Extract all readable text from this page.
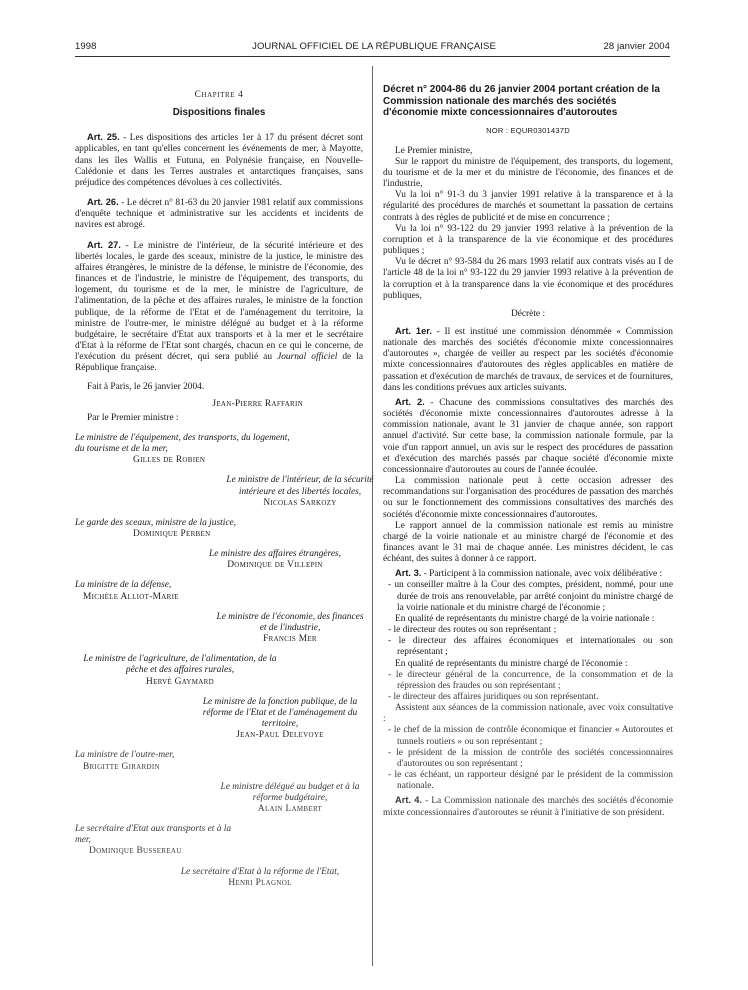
1998	JOURNAL OFFICIEL DE LA RÉPUBLIQUE FRANÇAISE	28 janvier 2004

Chapitre 4

Dispositions finales

Art. 25. - Les dispositions des articles 1er à 17 du présent décret sont applicables, en tant qu'elles concernent les événements de mer, à Mayotte, dans les îles Wallis et Futuna, en Polynésie française, en Nouvelle-Calédonie et dans les Terres australes et antarctiques françaises, sans préjudice des compétences dévolues à ces collectivités.

Art. 26. - Le décret n° 81-63 du 20 janvier 1981 relatif aux commissions d'enquête technique et administrative sur les accidents et incidents de navires est abrogé.

Art. 27. - Le ministre de l'intérieur, de la sécurité intérieure et des libertés locales, le garde des sceaux, ministre de la justice, le ministre des affaires étrangères, le ministre de la défense, le ministre de l'économie, des finances et de l'industrie, le ministre de l'équipement, des transports, du logement, du tourisme et de la mer, le ministre de l'agriculture, de l'alimentation, de la pêche et des affaires rurales, le ministre de la fonction publique, de la réforme de l'Etat et de l'aménagement du territoire, la ministre de l'outre-mer, le ministre délégué au budget et à la réforme budgétaire, le secrétaire d'Etat aux transports et à la mer et le secrétaire d'Etat à la réforme de l'Etat sont chargés, chacun en ce qui le concerne, de l'exécution du présent décret, qui sera publié au Journal officiel de la République française.

Fait à Paris, le 26 janvier 2004.

Jean-Pierre Raffarin

Par le Premier ministre :

Le ministre de l'équipement, des transports, du logement, du tourisme et de la mer,

Gilles de Robien

Le ministre de l'intérieur, de la sécurité intérieure et des libertés locales,

Nicolas Sarkozy

Le garde des sceaux, ministre de la justice,

Dominique Perben

Le ministre des affaires étrangères,

Dominique de Villepin

La ministre de la défense,

Michèle Alliot-Marie

Le ministre de l'économie, des finances et de l'industrie,

Francis Mer

Le ministre de l'agriculture, de l'alimentation, de la pêche et des affaires rurales,

Hervé Gaymard

Le ministre de la fonction publique, de la réforme de l'Etat et de l'aménagement du territoire,

Jean-Paul Delevoye

La ministre de l'outre-mer,

Brigitte Girardin

Le ministre délégué au budget et à la réforme budgétaire,

Alain Lambert

Le secrétaire d'Etat aux transports et à la mer,

Dominique Bussereau

Le secrétaire d'Etat à la réforme de l'Etat,

Henri Plagnol

Décret n° 2004-86 du 26 janvier 2004 portant création de la Commission nationale des marchés des sociétés d'économie mixte concessionnaires d'autoroutes

NOR : EQUR0301437D

Le Premier ministre,

Sur le rapport du ministre de l'équipement, des transports, du logement, du tourisme et de la mer et du ministre de l'économie, des finances et de l'industrie,

Vu la loi n° 91-3 du 3 janvier 1991 relative à la transparence et à la régularité des procédures de marchés et soumettant la passation de certains contrats à des règles de publicité et de mise en concurrence ;

Vu la loi n° 93-122 du 29 janvier 1993 relative à la prévention de la corruption et à la transparence de la vie économique et des procédures publiques ;

Vu le décret n° 93-584 du 26 mars 1993 relatif aux contrats visés au I de l'article 48 de la loi n° 93-122 du 29 janvier 1993 relative à la prévention de la corruption et à la transparence dans la vie économique et des procédures publiques,

Décrète :

Art. 1er. - Il est institué une commission dénommée « Commission nationale des marchés des sociétés d'économie mixte concessionnaires d'autoroutes », chargée de veiller au respect par les sociétés d'économie mixte concessionnaires d'autoroutes des règles applicables en matière de passation et d'exécution de marchés de travaux, de services et de fournitures, dans les conditions prévues aux articles suivants.

Art. 2. - Chacune des commissions consultatives des marchés des sociétés d'économie mixte concessionnaires d'autoroutes adresse à la commission nationale, avant le 31 janvier de chaque année, son rapport annuel d'activité. Sur cette base, la commission nationale formule, par la voie d'un rapport annuel, un avis sur le respect des procédures de passation et d'exécution des marchés passés par chaque société d'économie mixte concessionnaire d'autoroutes au cours de l'année écoulée.

La commission nationale peut à cette occasion adresser des recommandations sur l'organisation des procédures de passation des marchés ou sur le fonctionnement des commissions consultatives des marchés des sociétés d'économie mixte concessionnaires d'autoroutes.

Le rapport annuel de la commission nationale est remis au ministre chargé de la voirie nationale et au ministre chargé de l'économie et des finances avant le 31 mai de chaque année. Les ministres décident, le cas échéant, des suites à donner à ce rapport.

Art. 3. - Participent à la commission nationale, avec voix délibérative :

- un conseiller maître à la Cour des comptes, président, nommé, pour une durée de trois ans renouvelable, par arrêté conjoint du ministre chargé de la voirie nationale et du ministre chargé de l'économie ;

En qualité de représentants du ministre chargé de la voirie nationale :

- le directeur des routes ou son représentant ;

- le directeur des affaires économiques et internationales ou son représentant ;

En qualité de représentants du ministre chargé de l'économie :

- le directeur général de la concurrence, de la consommation et de la répression des fraudes ou son représentant ;

- le directeur des affaires juridiques ou son représentant.

Assistent aux séances de la commission nationale, avec voix consultative :

- le chef de la mission de contrôle économique et financier « Autoroutes et tunnels routiers » ou son représentant ;

- le président de la mission de contrôle des sociétés concessionnaires d'autoroutes ou son représentant ;

- le cas échéant, un rapporteur désigné par le président de la commission nationale.

Art. 4. - La Commission nationale des marchés des sociétés d'économie mixte concessionnaires d'autoroutes se réunit à l'initiative de son président.
